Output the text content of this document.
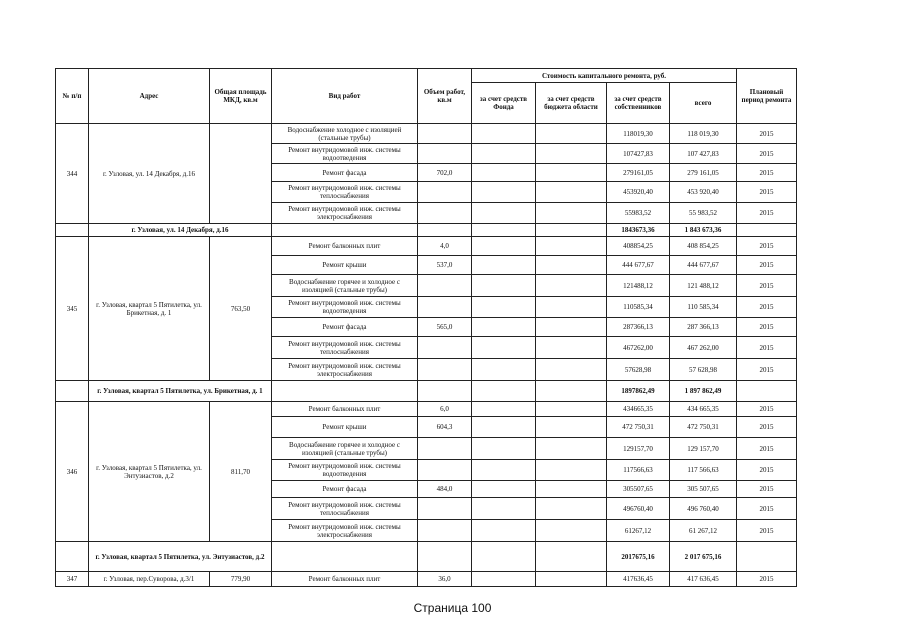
№ п/п	Адрес	Общая площадь МКД, кв.м	Вид работ	Объем работ, кв.м	Стоимость капитального ремонта, руб.				Плановый период ремонта
					за счет средств Фонда	за счет средств бюджета области	за счет средств собственников	всего	
344	г. Узловая, ул. 14 Декабря, д.16		Водоснабжение холодное с изоляцией (стальные трубы)				118019,30	118 019,30	2015
			Ремонт внутридомовой инж. системы водоотведения				107427,83	107 427,83	2015
			Ремонт фасада	702,0			279161,05	279 161,05	2015
			Ремонт внутридомовой инж. системы теплоснабжения				453920,40	453 920,40	2015
			Ремонт внутридомовой инж. системы электроснабжения				55983,52	55 983,52	2015
	г. Узловая, ул. 14 Декабря, д.16						1843673,36	1 843 673,36	
345	г. Узловая, квартал 5 Пятилетка, ул. Брикетная, д. 1	763,50	Ремонт балконных плит	4,0			408854,25	408 854,25	2015
			Ремонт крыши	537,0			444 677,67	444 677,67	2015
			Водоснабжение горячее и холодное с изоляцией (стальные трубы)				121488,12	121 488,12	2015
			Ремонт внутридомовой инж. системы водоотведения				110585,34	110 585,34	2015
			Ремонт фасада	565,0			287366,13	287 366,13	2015
			Ремонт внутридомовой инж. системы теплоснабжения				467262,00	467 262,00	2015
			Ремонт внутридомовой инж. системы электроснабжения				57628,98	57 628,98	2015
	г. Узловая, квартал 5 Пятилетка, ул. Брикетная, д. 1						1897862,49	1 897 862,49	
346	г. Узловая, квартал 5 Пятилетка, ул. Энтузиастов, д.2	811,70	Ремонт балконных плит	6,0			434665,35	434 665,35	2015
			Ремонт крыши	604,3			472 750,31	472 750,31	2015
			Водоснабжение горячее и холодное с изоляцией (стальные трубы)				129157,70	129 157,70	2015
			Ремонт внутридомовой инж. системы водоотведения				117566,63	117 566,63	2015
			Ремонт фасада	484,0			305507,65	305 507,65	2015
			Ремонт внутридомовой инж. системы теплоснабжения				496760,40	496 760,40	2015
			Ремонт внутридомовой инж. системы электроснабжения				61267,12	61 267,12	2015
	г. Узловая, квартал 5 Пятилетка, ул. Энтузиастов, д.2						2017675,16	2 017 675,16	
347	г. Узловая, пер.Суворова, д.3/1	779,90	Ремонт балконных плит	36,0			417636,45	417 636,45	2015
Страница 100
